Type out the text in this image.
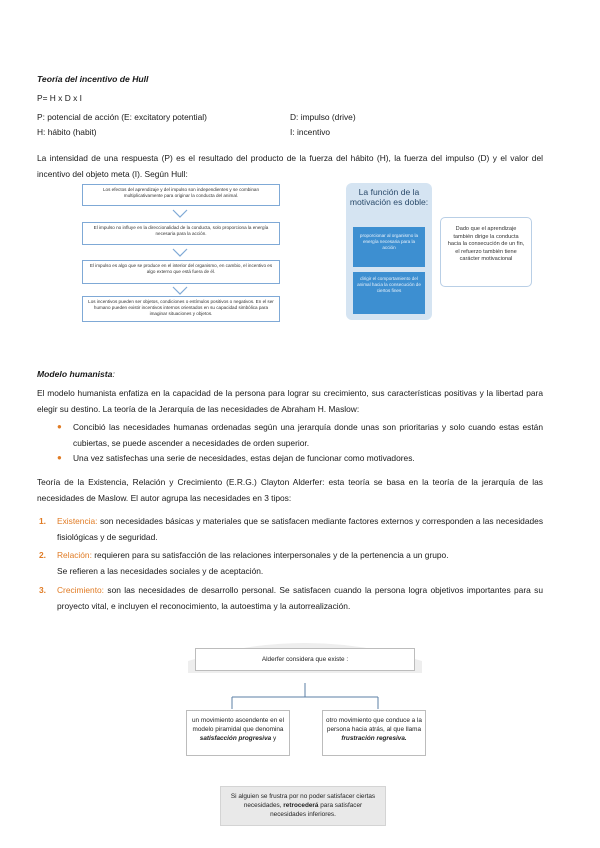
Teoría del incentivo de Hull
P= H x D x I
P: potencial de acción (E: excitatory potential)	D: impulso (drive)
H: hábito (habit)	I: incentivo
La intensidad de una respuesta (P) es el resultado del producto de la fuerza del hábito (H), la fuerza del impulso (D) y el valor del incentivo del objeto meta (I). Según Hull:
Los efectos del aprendizaje y del impulso son independientes y se combinan multiplicativamente para originar la conducta del animal.
El impulso no influye en la direccionalidad de la conducta, solo proporciona la energía necesaria para la acción.
El impulso es algo que se produce en el interior del organismo, en cambio, el incentivo es algo externo que está fuera de él.
Los incentivos pueden ser objetos, condiciones o estímulos positivos o negativos. En el ser humano pueden existir incentivos internos orientados en su capacidad simbólica para imaginar situaciones y objetos.
La función de la motivación es doble:
proporcionar al organismo la energía necesaria para la acción
dirigir el comportamiento del animal hacia la consecución de ciertos fines
Dado que el aprendizaje también dirige la conducta hacia la consecución de un fin, el refuerzo también tiene carácter motivacional
Modelo humanista:
El modelo humanista enfatiza en la capacidad de la persona para lograr su crecimiento, sus características positivas y la libertad para elegir su destino. La teoría de la Jerarquía de las necesidades de Abraham H. Maslow:
● Concibió las necesidades humanas ordenadas según una jerarquía donde unas son prioritarias y solo cuando estas están cubiertas, se puede ascender a necesidades de orden superior.
● Una vez satisfechas una serie de necesidades, estas dejan de funcionar como motivadores.
Teoría de la Existencia, Relación y Crecimiento (E.R.G.) Clayton Alderfer: esta teoría se basa en la teoría de la jerarquía de las necesidades de Maslow. El autor agrupa las necesidades en 3 tipos:
1. Existencia: son necesidades básicas y materiales que se satisfacen mediante factores externos y corresponden a las necesidades fisiológicas y de seguridad.
2. Relación: requieren para su satisfacción de las relaciones interpersonales y de la pertenencia a un grupo.
Se refieren a las necesidades sociales y de aceptación.
3. Crecimiento: son las necesidades de desarrollo personal. Se satisfacen cuando la persona logra objetivos importantes para su proyecto vital, e incluyen el reconocimiento, la autoestima y la autorrealización.
Alderfer considera que existe :
un movimiento ascendente en el modelo piramidal que denomina satisfacción progresiva y
otro movimiento que conduce a la persona hacia atrás, al que llama frustración regresiva.
Si alguien se frustra por no poder satisfacer ciertas necesidades, retrocederá para satisfacer necesidades inferiores.
